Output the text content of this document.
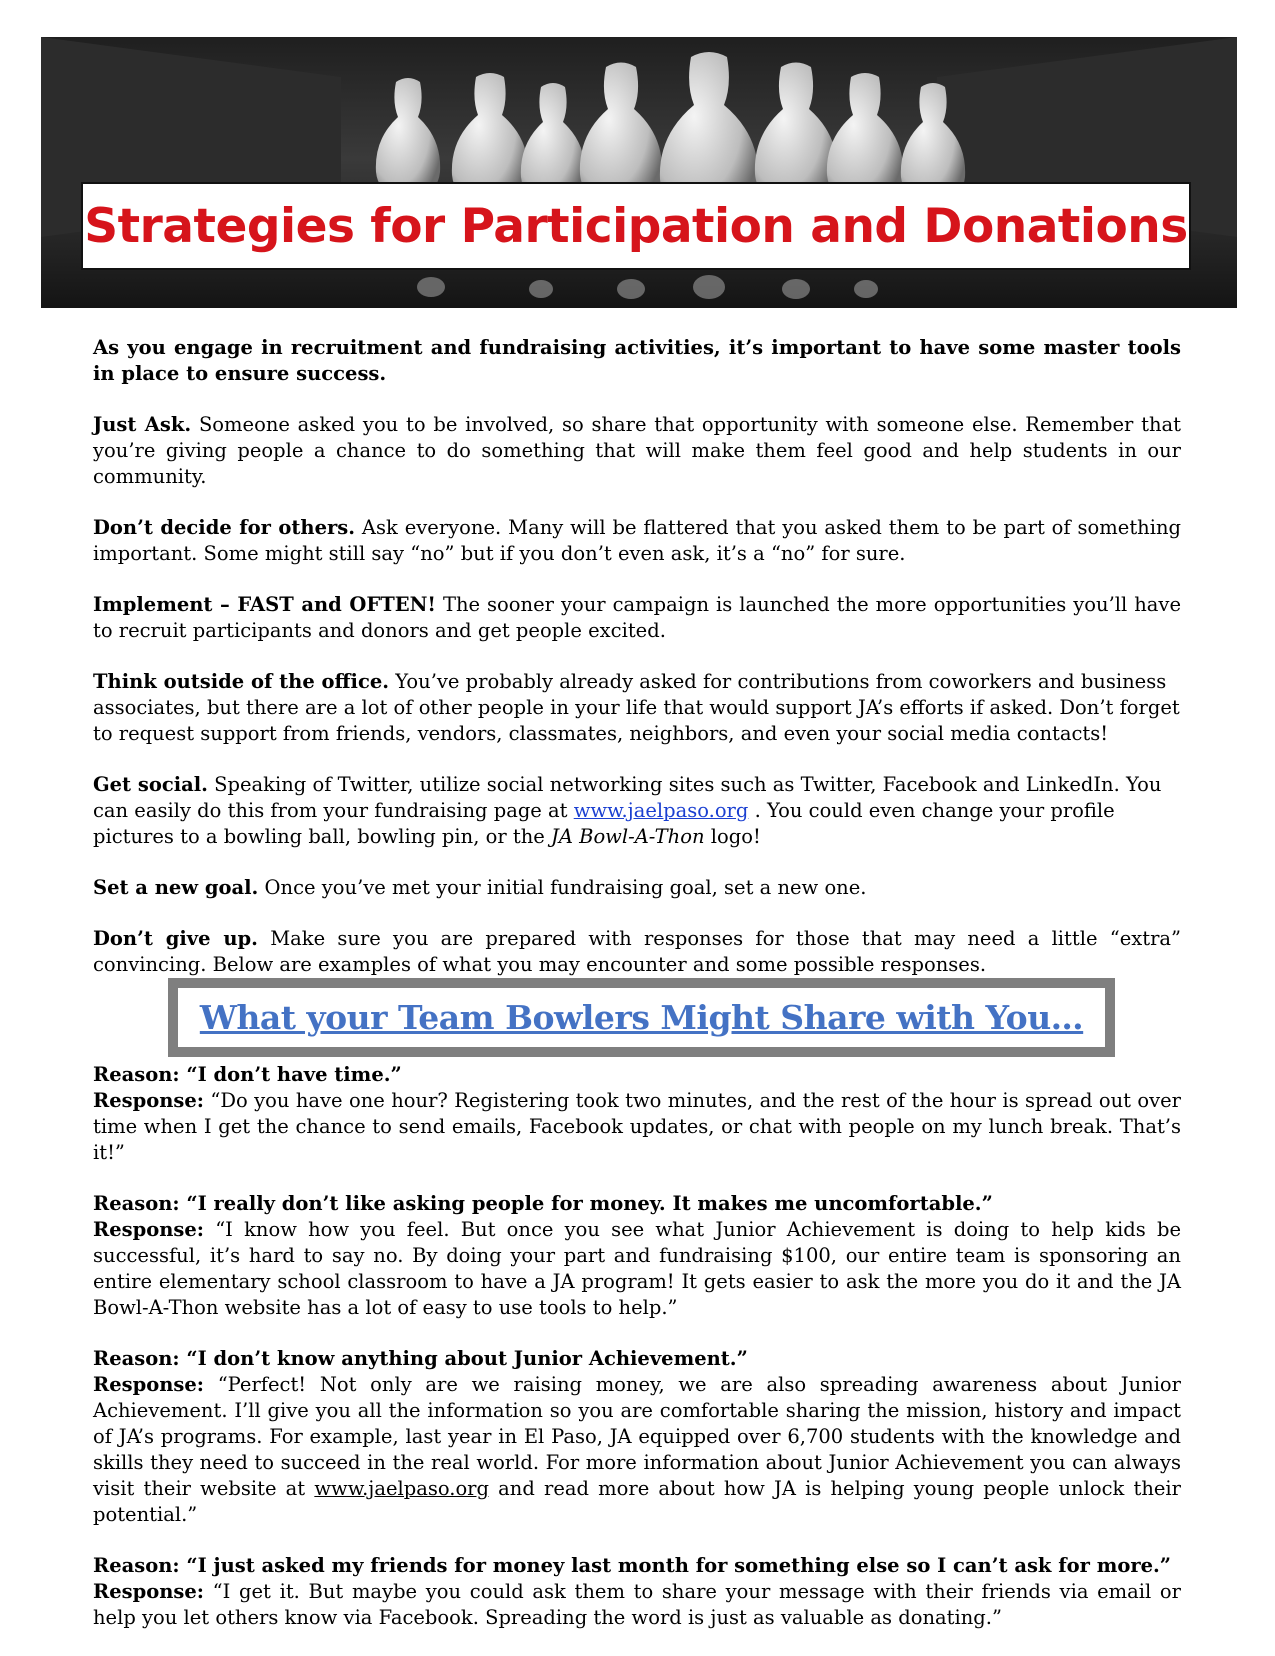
Strategies for Participation and Donations

As you engage in recruitment and fundraising activities, it’s important to have some master tools in place to ensure success.

Just Ask. Someone asked you to be involved, so share that opportunity with someone else. Remember that you’re giving people a chance to do something that will make them feel good and help students in our community.

Don’t decide for others. Ask everyone. Many will be flattered that you asked them to be part of something important. Some might still say “no” but if you don’t even ask, it’s a “no” for sure.

Implement – FAST and OFTEN! The sooner your campaign is launched the more opportunities you’ll have to recruit participants and donors and get people excited.

Think outside of the office. You’ve probably already asked for contributions from coworkers and business associates, but there are a lot of other people in your life that would support JA’s efforts if asked. Don’t forget to request support from friends, vendors, classmates, neighbors, and even your social media contacts!

Get social. Speaking of Twitter, utilize social networking sites such as Twitter, Facebook and LinkedIn. You can easily do this from your fundraising page at www.jaelpaso.org . You could even change your profile pictures to a bowling ball, bowling pin, or the JA Bowl-A-Thon logo!

Set a new goal. Once you’ve met your initial fundraising goal, set a new one.

Don’t give up. Make sure you are prepared with responses for those that may need a little “extra” convincing. Below are examples of what you may encounter and some possible responses.

What your Team Bowlers Might Share with You…
Reason: “I don’t have time.”
Response: “Do you have one hour? Registering took two minutes, and the rest of the hour is spread out over time when I get the chance to send emails, Facebook updates, or chat with people on my lunch break. That’s it!”
Reason: “I really don’t like asking people for money. It makes me uncomfortable.”
Response: “I know how you feel. But once you see what Junior Achievement is doing to help kids be successful, it’s hard to say no. By doing your part and fundraising $100, our entire team is sponsoring an entire elementary school classroom to have a JA program! It gets easier to ask the more you do it and the JA Bowl-A-Thon website has a lot of easy to use tools to help.”
Reason: “I don’t know anything about Junior Achievement.”
Response: “Perfect! Not only are we raising money, we are also spreading awareness about Junior Achievement. I’ll give you all the information so you are comfortable sharing the mission, history and impact of JA’s programs. For example, last year in El Paso, JA equipped over 6,700 students with the knowledge and skills they need to succeed in the real world. For more information about Junior Achievement you can always visit their website at www.jaelpaso.org and read more about how JA is helping young people unlock their potential.”
Reason: “I just asked my friends for money last month for something else so I can’t ask for more.”
Response: “I get it. But maybe you could ask them to share your message with their friends via email or help you let others know via Facebook. Spreading the word is just as valuable as donating.”
